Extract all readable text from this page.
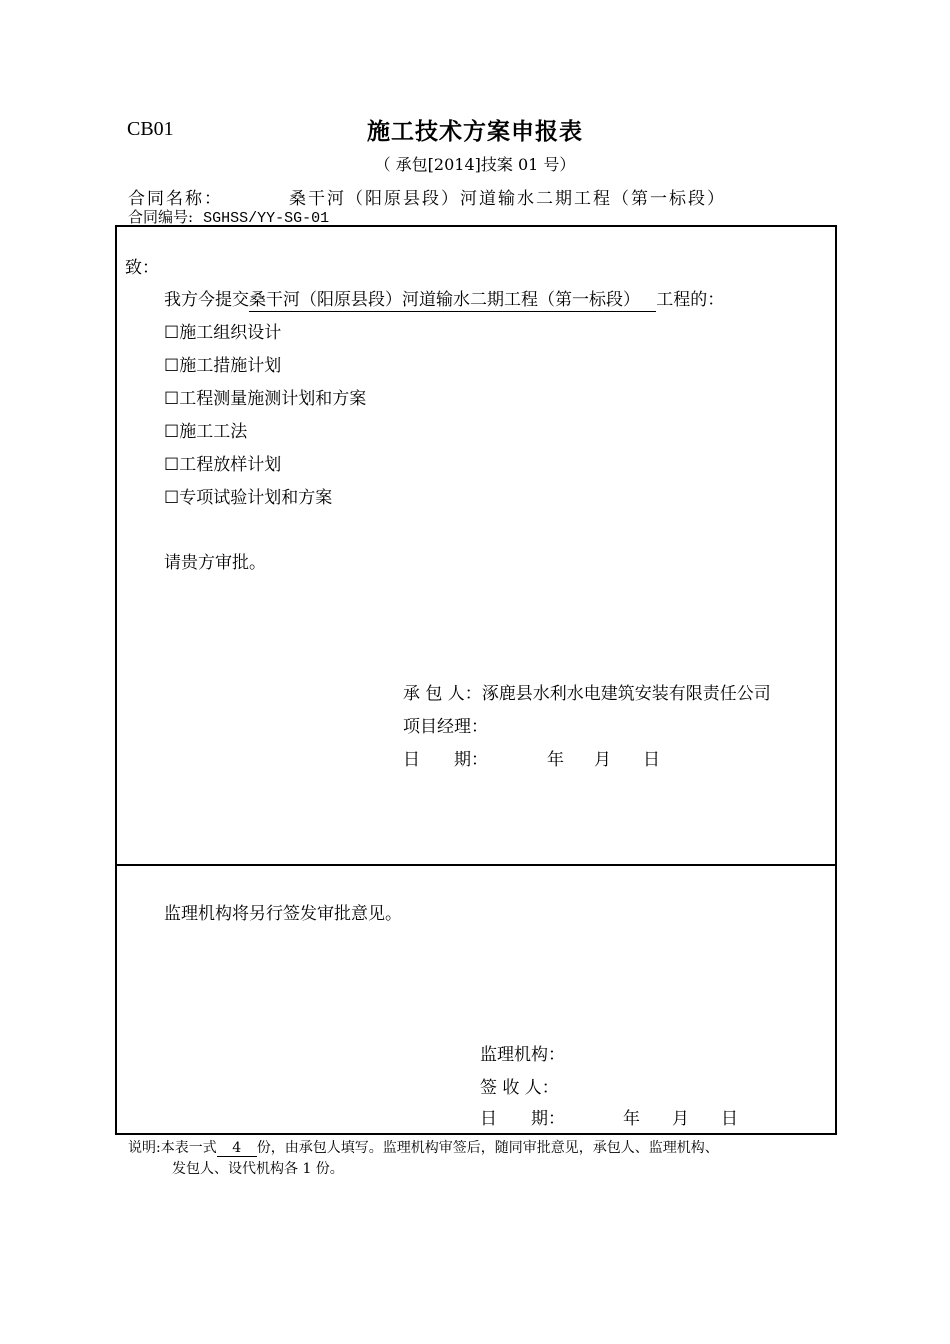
CB01	施工技术方案申报表
（ 承包[2014]技案 01 号）
合同名称：	桑干河（阳原县段）河道输水二期工程（第一标段）
合同编号: SGHSS/YY-SG-01
致：
我方今提交桑干河（阳原县段）河道输水二期工程（第一标段） 工程的：
☐施工组织设计
☐施工措施计划
☐工程测量施测计划和方案
☐施工工法
☐工程放样计划
☐专项试验计划和方案
请贵方审批。
承 包 人：涿鹿县水利水电建筑安装有限责任公司
项目经理：
日　　期：	年 月 日
监理机构将另行签发审批意见。
监理机构：
签 收 人：
日　　期：	年 月 日
说明:本表一式 4 份，由承包人填写。监理机构审签后，随同审批意见，承包人、监理机构、
发包人、设代机构各 1 份。
